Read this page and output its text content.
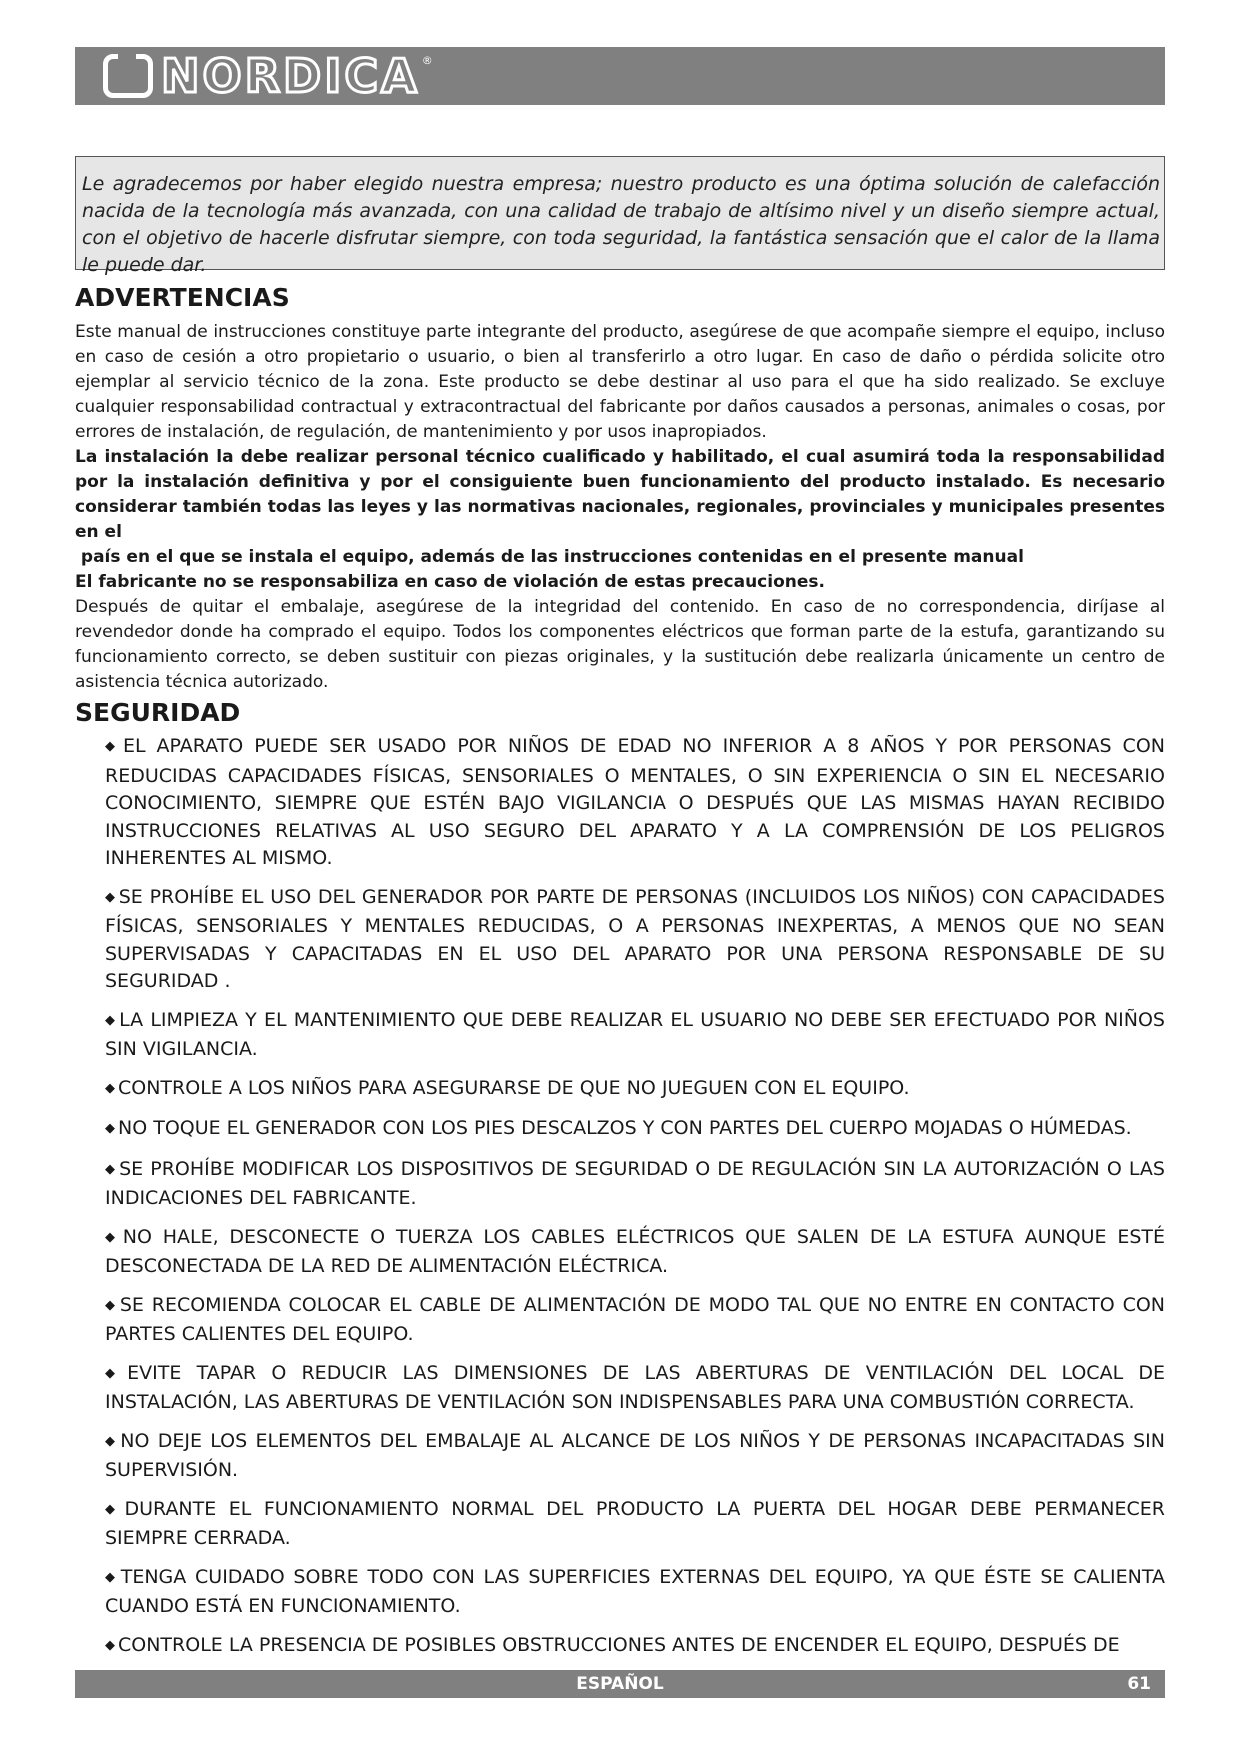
NORDICA ®
Le agradecemos por haber elegido nuestra empresa; nuestro producto es una óptima solución de calefacción nacida de la tecnología más avanzada, con una calidad de trabajo de altísimo nivel y un diseño siempre actual, con el objetivo de hacerle disfrutar siempre, con toda seguridad, la fantástica sensación que el calor de la llama le puede dar.
ADVERTENCIAS

Este manual de instrucciones constituye parte integrante del producto, asegúrese de que acompañe siempre el equipo, incluso en caso de cesión a otro propietario o usuario, o bien al transferirlo a otro lugar. En caso de daño o pérdida solicite otro ejemplar al servicio técnico de la zona. Este producto se debe destinar al uso para el que ha sido realizado. Se excluye cualquier responsabilidad contractual y extracontractual del fabricante por daños causados a personas, animales o cosas, por errores de instalación, de regulación, de mantenimiento y por usos inapropiados.

La instalación la debe realizar personal técnico cualificado y habilitado, el cual asumirá toda la responsabilidad por la instalación definitiva y por el consiguiente buen funcionamiento del producto instalado. Es necesario considerar también todas las leyes y las normativas nacionales, regionales, provinciales y municipales presentes en el

país en el que se instala el equipo, además de las instrucciones contenidas en el presente manual

El fabricante no se responsabiliza en caso de violación de estas precauciones.

Después de quitar el embalaje, asegúrese de la integridad del contenido. En caso de no correspondencia, diríjase al revendedor donde ha comprado el equipo. Todos los componentes eléctricos que forman parte de la estufa, garantizando su funcionamiento correcto, se deben sustituir con piezas originales, y la sustitución debe realizarla únicamente un centro de asistencia técnica autorizado.

SEGURIDAD
◆ EL APARATO PUEDE SER USADO POR NIÑOS DE EDAD NO INFERIOR A 8 AÑOS Y POR PERSONAS CON REDUCIDAS CAPACIDADES FÍSICAS, SENSORIALES O MENTALES, O SIN EXPERIENCIA O SIN EL NECESARIO CONOCIMIENTO, SIEMPRE QUE ESTÉN BAJO VIGILANCIA O DESPUÉS QUE LAS MISMAS HAYAN RECIBIDO INSTRUCCIONES RELATIVAS AL USO SEGURO DEL APARATO Y A LA COMPRENSIÓN DE LOS PELIGROS INHERENTES AL MISMO.
◆ SE PROHÍBE EL USO DEL GENERADOR POR PARTE DE PERSONAS (INCLUIDOS LOS NIÑOS) CON CAPACIDADES FÍSICAS, SENSORIALES Y MENTALES REDUCIDAS, O A PERSONAS INEXPERTAS, A MENOS QUE NO SEAN SUPERVISADAS Y CAPACITADAS EN EL USO DEL APARATO POR UNA PERSONA RESPONSABLE DE SU SEGURIDAD .
◆ LA LIMPIEZA Y EL MANTENIMIENTO QUE DEBE REALIZAR EL USUARIO NO DEBE SER EFECTUADO POR NIÑOS SIN VIGILANCIA.
◆ CONTROLE A LOS NIÑOS PARA ASEGURARSE DE QUE NO JUEGUEN CON EL EQUIPO.
◆ NO TOQUE EL GENERADOR CON LOS PIES DESCALZOS Y CON PARTES DEL CUERPO MOJADAS O HÚMEDAS.
◆ SE PROHÍBE MODIFICAR LOS DISPOSITIVOS DE SEGURIDAD O DE REGULACIÓN SIN LA AUTORIZACIÓN O LAS INDICACIONES DEL FABRICANTE.
◆ NO HALE, DESCONECTE O TUERZA LOS CABLES ELÉCTRICOS QUE SALEN DE LA ESTUFA AUNQUE ESTÉ DESCONECTADA DE LA RED DE ALIMENTACIÓN ELÉCTRICA.
◆ SE RECOMIENDA COLOCAR EL CABLE DE ALIMENTACIÓN DE MODO TAL QUE NO ENTRE EN CONTACTO CON PARTES CALIENTES DEL EQUIPO.
◆ EVITE TAPAR O REDUCIR LAS DIMENSIONES DE LAS ABERTURAS DE VENTILACIÓN DEL LOCAL DE INSTALACIÓN, LAS ABERTURAS DE VENTILACIÓN SON INDISPENSABLES PARA UNA COMBUSTIÓN CORRECTA.
◆ NO DEJE LOS ELEMENTOS DEL EMBALAJE AL ALCANCE DE LOS NIÑOS Y DE PERSONAS INCAPACITADAS SIN SUPERVISIÓN.
◆ DURANTE EL FUNCIONAMIENTO NORMAL DEL PRODUCTO LA PUERTA DEL HOGAR DEBE PERMANECER SIEMPRE CERRADA.
◆ TENGA CUIDADO SOBRE TODO CON LAS SUPERFICIES EXTERNAS DEL EQUIPO, YA QUE ÉSTE SE CALIENTA CUANDO ESTÁ EN FUNCIONAMIENTO.
◆ CONTROLE LA PRESENCIA DE POSIBLES OBSTRUCCIONES ANTES DE ENCENDER EL EQUIPO, DESPUÉS DE
ESPAÑOL	61
